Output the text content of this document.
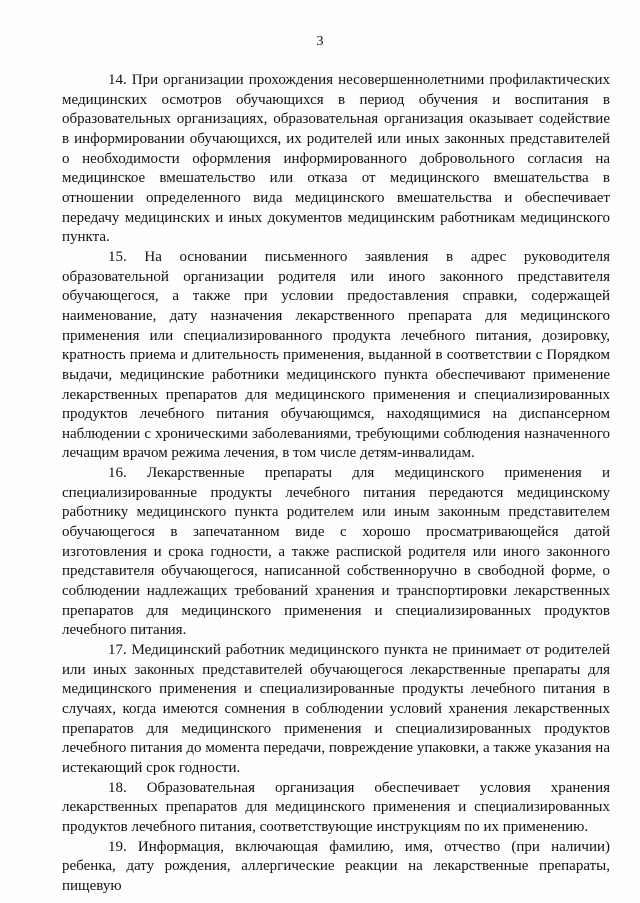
3

14. При организации прохождения несовершеннолетними профилактических медицинских осмотров обучающихся в период обучения и воспитания в образовательных организациях, образовательная организация оказывает содействие в информировании обучающихся, их родителей или иных законных представителей о необходимости оформления информированного добровольного согласия на медицинское вмешательство или отказа от медицинского вмешательства в отношении определенного вида медицинского вмешательства и обеспечивает передачу медицинских и иных документов медицинским работникам медицинского пункта.

15. На основании письменного заявления в адрес руководителя образовательной организации родителя или иного законного представителя обучающегося, а также при условии предоставления справки, содержащей наименование, дату назначения лекарственного препарата для медицинского применения или специализированного продукта лечебного питания, дозировку, кратность приема и длительность применения, выданной в соответствии с Порядком выдачи, медицинские работники медицинского пункта обеспечивают применение лекарственных препаратов для медицинского применения и специализированных продуктов лечебного питания обучающимся, находящимися на диспансерном наблюдении с хроническими заболеваниями, требующими соблюдения назначенного лечащим врачом режима лечения, в том числе детям-инвалидам.

16. Лекарственные препараты для медицинского применения и специализированные продукты лечебного питания передаются медицинскому работнику медицинского пункта родителем или иным законным представителем обучающегося в запечатанном виде с хорошо просматривающейся датой изготовления и срока годности, а также распиской родителя или иного законного представителя обучающегося, написанной собственноручно в свободной форме, о соблюдении надлежащих требований хранения и транспортировки лекарственных препаратов для медицинского применения и специализированных продуктов лечебного питания.

17. Медицинский работник медицинского пункта не принимает от родителей или иных законных представителей обучающегося лекарственные препараты для медицинского применения и специализированные продукты лечебного питания в случаях, когда имеются сомнения в соблюдении условий хранения лекарственных препаратов для медицинского применения и специализированных продуктов лечебного питания до момента передачи, повреждение упаковки, а также указания на истекающий срок годности.

18. Образовательная организация обеспечивает условия хранения лекарственных препаратов для медицинского применения и специализированных продуктов лечебного питания, соответствующие инструкциям по их применению.

19. Информация, включающая фамилию, имя, отчество (при наличии) ребенка, дату рождения, аллергические реакции на лекарственные препараты, пищевую
